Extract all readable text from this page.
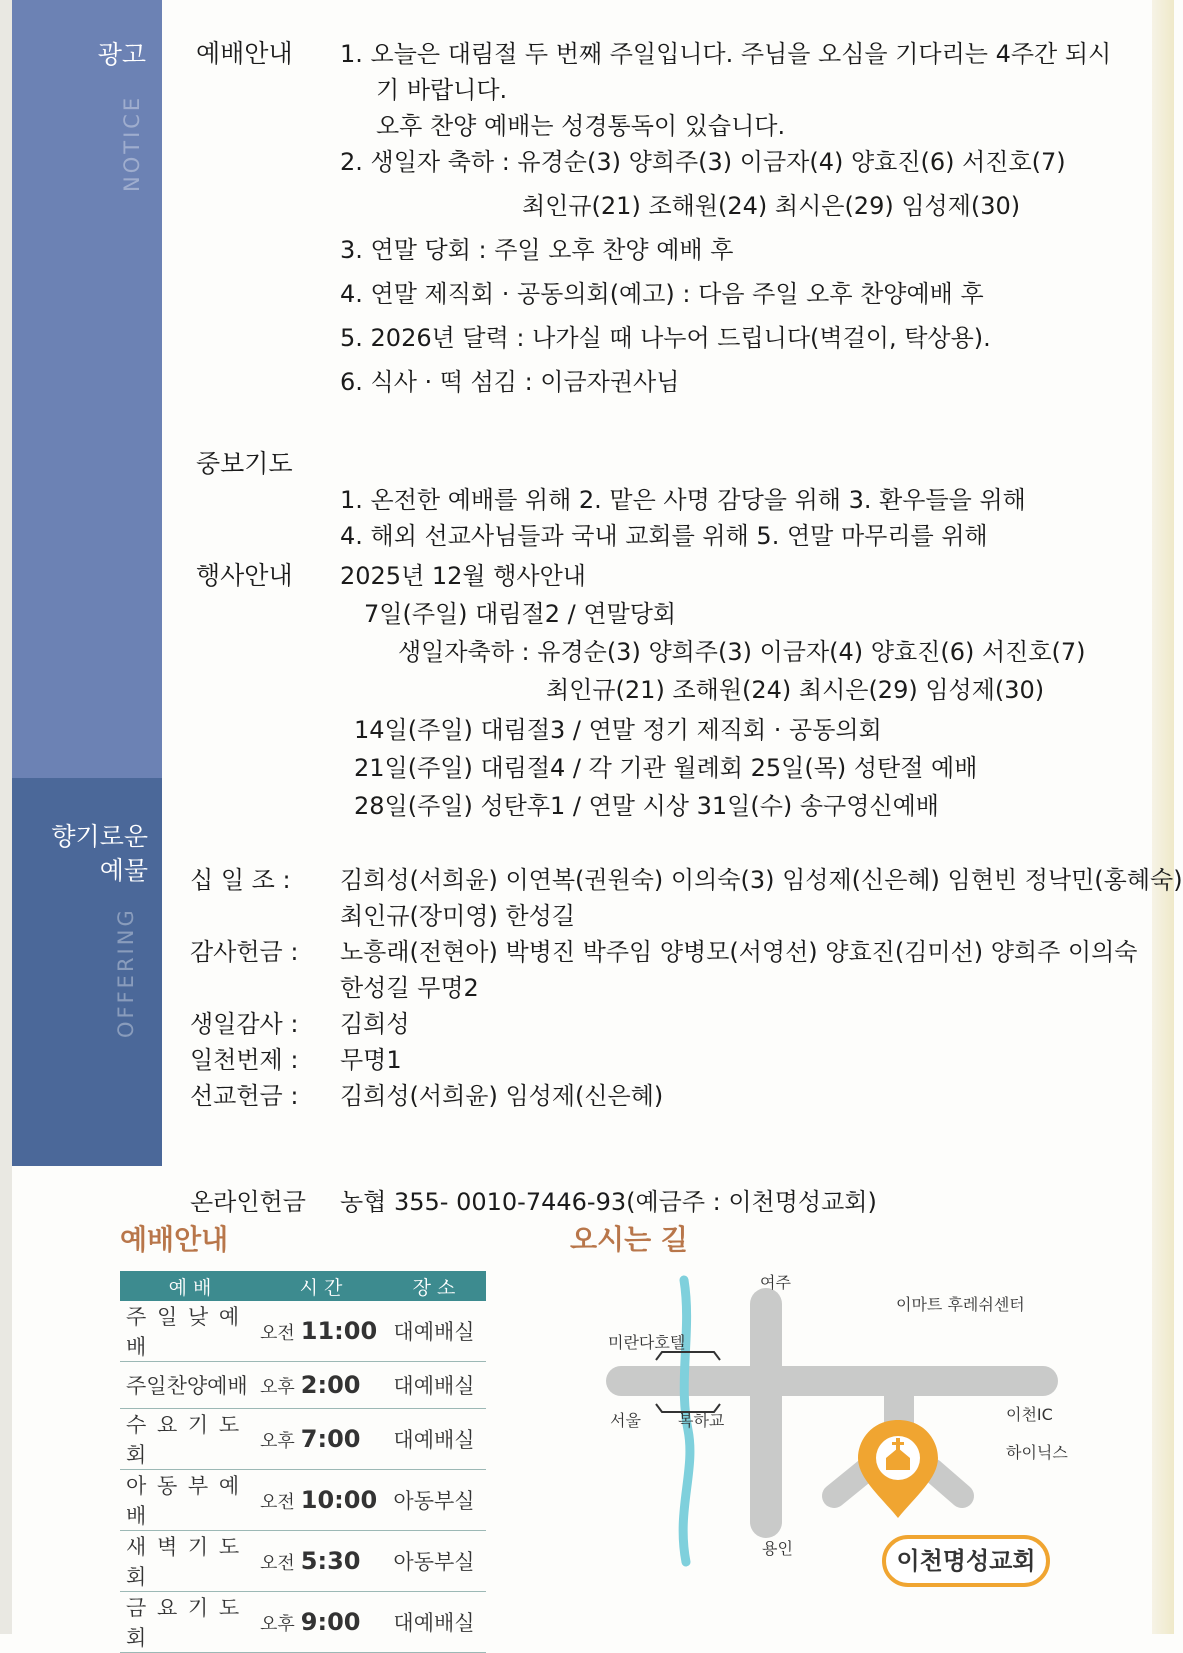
광고
NOTICE
향기로운
예물
OFFERING
예배안내 1. 오늘은 대림절 두 번째 주일입니다. 주님을 오심을 기다리는 4주간 되시
기 바랍니다.
오후 찬양 예배는 성경통독이 있습니다.
2. 생일자 축하 : 유경순(3) 양희주(3) 이금자(4) 양효진(6) 서진호(7)
최인규(21) 조해원(24) 최시은(29) 임성제(30)
3. 연말 당회 : 주일 오후 찬양 예배 후
4. 연말 제직회 · 공동의회(예고) : 다음 주일 오후 찬양예배 후
5. 2026년 달력 : 나가실 때 나누어 드립니다(벽걸이, 탁상용).
6. 식사 · 떡 섬김 : 이금자권사님
중보기도
1. 온전한 예배를 위해 2. 맡은 사명 감당을 위해 3. 환우들을 위해
4. 해외 선교사님들과 국내 교회를 위해 5. 연말 마무리를 위해
행사안내 2025년 12월 행사안내
7일(주일) 대림절2 / 연말당회
생일자축하 : 유경순(3) 양희주(3) 이금자(4) 양효진(6) 서진호(7)
최인규(21) 조해원(24) 최시은(29) 임성제(30)
14일(주일) 대림절3 / 연말 정기 제직회 · 공동의회
21일(주일) 대림절4 / 각 기관 월례회 25일(목) 성탄절 예배
28일(주일) 성탄후1 / 연말 시상 31일(수) 송구영신예배
십 일 조 : 김희성(서희윤) 이연복(권원숙) 이의숙(3) 임성제(신은혜) 임현빈 정낙민(홍혜숙)
최인규(장미영) 한성길
감사헌금 : 노흥래(전현아) 박병진 박주임 양병모(서영선) 양효진(김미선) 양희주 이의숙
한성길 무명2
생일감사 : 김희성
일천번제 : 무명1
선교헌금 : 김희성(서희윤) 임성제(신은혜)
온라인헌금 농협 355- 0010-7446-93(예금주 : 이천명성교회)
예배안내
예 배	시 간	장 소
주 일 낮 예 배	오전 11:00	대예배실
주일찬양예배	오후 2:00	대예배실
수 요 기 도 회	오후 7:00	대예배실
아 동 부 예 배	오전 10:00	아동부실
새 벽 기 도 회	오전 5:30	아동부실
금 요 기 도 회	오후 9:00	대예배실
오시는 길
여주
이마트 후레쉬센터
미란다호텔
서울 복하교	이천IC
하이닉스
용인	이천명성교회
